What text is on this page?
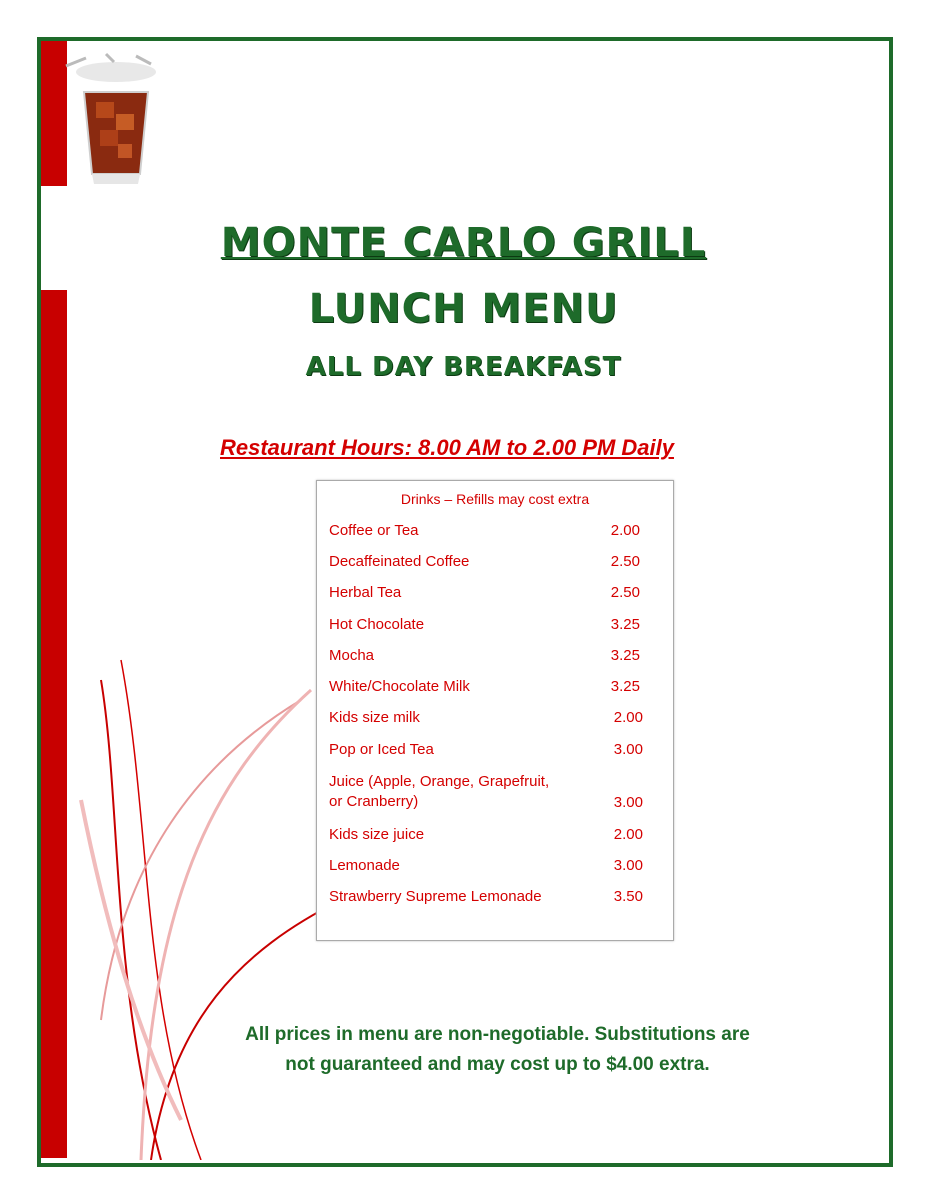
MONTE CARLO GRILL
LUNCH MENU
ALL DAY BREAKFAST
Restaurant Hours: 8.00 AM to 2.00 PM Daily
Drinks – Refills may cost extra
Coffee or Tea	2.00
Decaffeinated Coffee	2.50
Herbal Tea	2.50
Hot Chocolate	3.25
Mocha	3.25
White/Chocolate Milk	3.25
Kids size milk	2.00
Pop or Iced Tea	3.00
Juice (Apple, Orange, Grapefruit,
or Cranberry)	3.00
Kids size juice	2.00
Lemonade	3.00
Strawberry Supreme Lemonade	3.50
All prices in menu are non-negotiable. Substitutions are
not guaranteed and may cost up to $4.00 extra.
